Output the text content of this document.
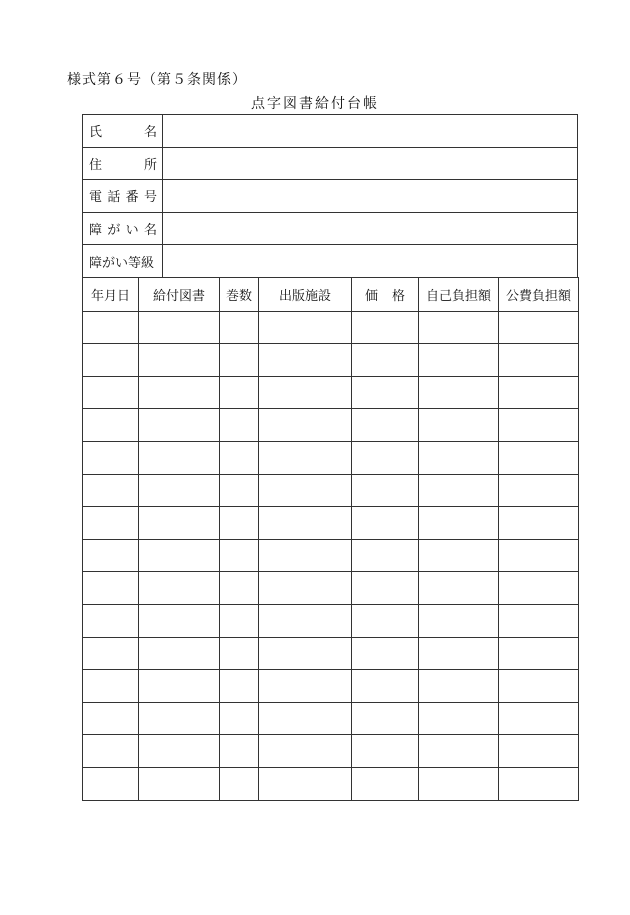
様式第６号（第５条関係）
点字図書給付台帳
氏 名	

住 所	

電 話 番 号	

障 が い 名	

障がい等級	

年月日	給付図書	巻数	出版施設	価 格	自己負担額	公費負担額
